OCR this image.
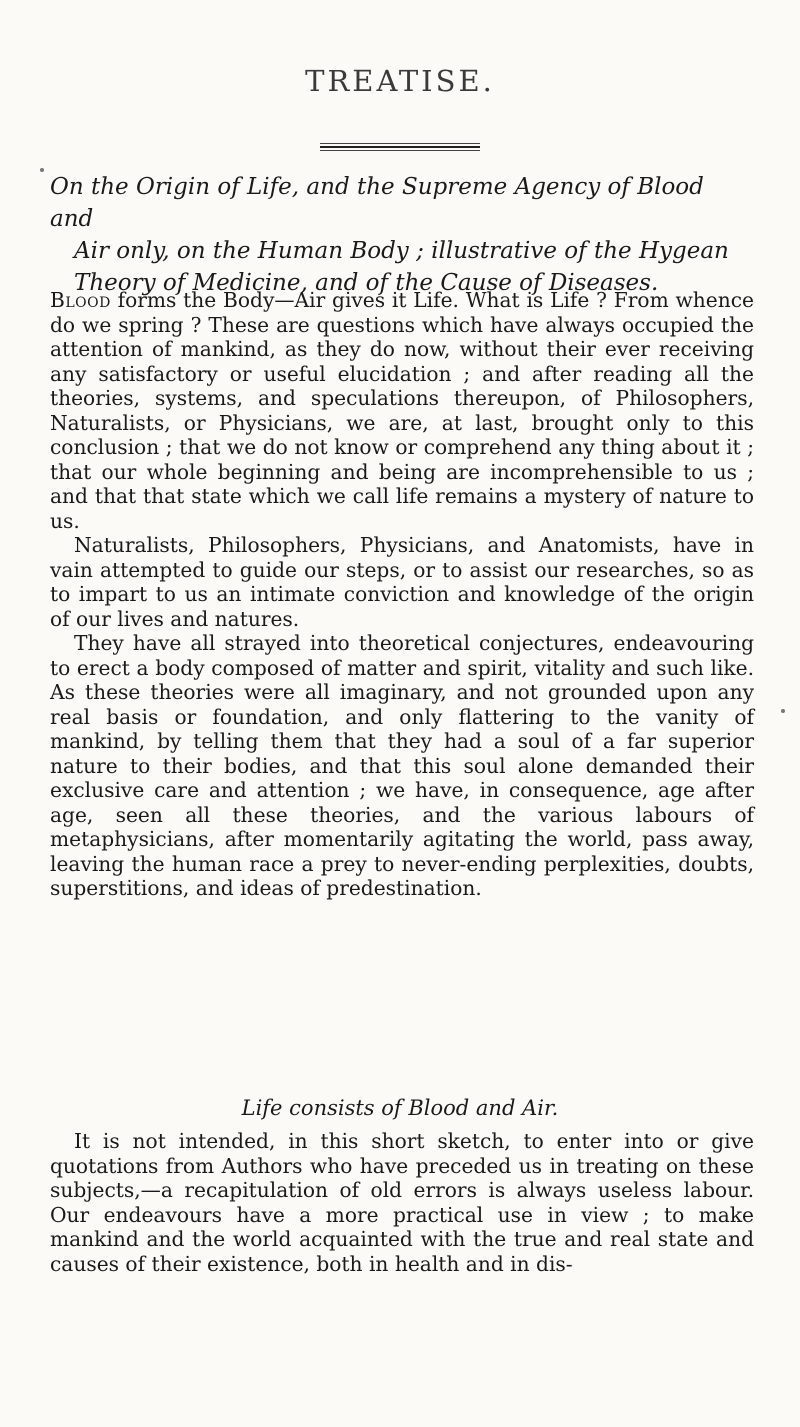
TREATISE.
On the Origin of Life, and the Supreme Agency of Blood and
Air only, on the Human Body ; illustrative of the Hygean
Theory of Medicine, and of the Cause of Diseases.

Blood forms the Body—Air gives it Life. What is Life ? From whence do we spring ? These are questions which have always occupied the attention of mankind, as they do now, without their ever receiving any satisfactory or useful elucidation ; and after reading all the theories, systems, and speculations thereupon, of Philosophers, Naturalists, or Physicians, we are, at last, brought only to this conclusion ; that we do not know or comprehend any thing about it ; that our whole beginning and being are incomprehensible to us ; and that that state which we call life remains a mystery of nature to us.

Naturalists, Philosophers, Physicians, and Anatomists, have in vain attempted to guide our steps, or to assist our researches, so as to impart to us an intimate conviction and knowledge of the origin of our lives and natures.

They have all strayed into theoretical conjectures, endeavouring to erect a body composed of matter and spirit, vitality and such like. As these theories were all imaginary, and not grounded upon any real basis or foundation, and only flattering to the vanity of mankind, by telling them that they had a soul of a far superior nature to their bodies, and that this soul alone demanded their exclusive care and attention ; we have, in consequence, age after age, seen all these theories, and the various labours of metaphysicians, after momentarily agitating the world, pass away, leaving the human race a prey to never-ending perplexities, doubts, superstitions, and ideas of predestination.

Life consists of Blood and Air.

It is not intended, in this short sketch, to enter into or give quotations from Authors who have preceded us in treating on these subjects,—a recapitulation of old errors is always useless labour. Our endeavours have a more practical use in view ; to make mankind and the world acquainted with the true and real state and causes of their existence, both in health and in dis-
